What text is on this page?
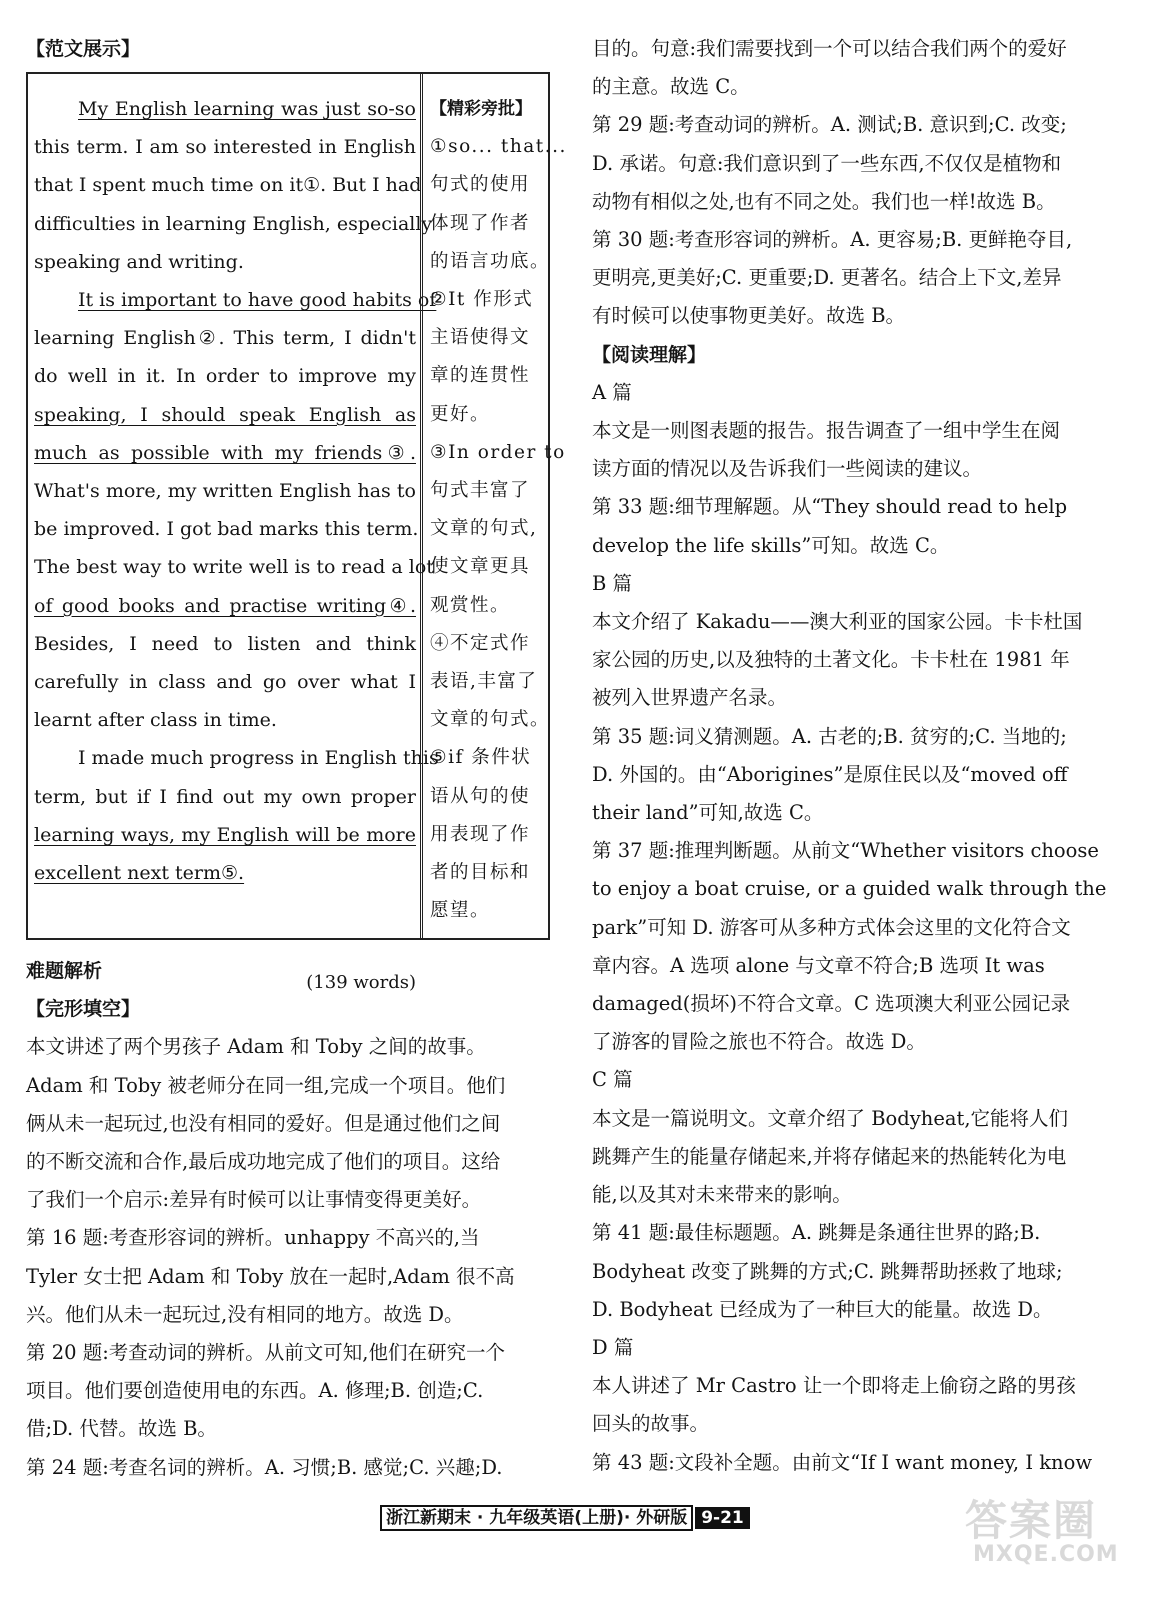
【范文展示】
My English learning was just so-so
this term. I am so interested in English
that I spent much time on it①. But I had
difficulties in learning English, especially
speaking and writing.
It is important to have good habits of
learning English②. This term, I didn't
do well in it. In order to improve my
speaking, I should speak English as
much as possible with my friends③.
What's more, my written English has to
be improved. I got bad marks this term.
The best way to write well is to read a lot
of good books and practise writing④.
Besides, I need to listen and think
carefully in class and go over what I
learnt after class in time.
I made much progress in English this
term, but if I find out my own proper
learning ways, my English will be more
excellent next term⑤.
(139 words)
【精彩旁批】
①so... that...
句式的使用
体现了作者
的语言功底。
②It 作形式
主语使得文
章的连贯性
更好。
③In order to
句式丰富了
文章的句式,
使文章更具
观赏性。
④不定式作
表语,丰富了
文章的句式。
⑤if 条件状
语从句的使
用表现了作
者的目标和
愿望。
难题解析
【完形填空】
本文讲述了两个男孩子 Adam 和 Toby 之间的故事。
Adam 和 Toby 被老师分在同一组,完成一个项目。他们
俩从未一起玩过,也没有相同的爱好。但是通过他们之间
的不断交流和合作,最后成功地完成了他们的项目。这给
了我们一个启示:差异有时候可以让事情变得更美好。
第 16 题:考查形容词的辨析。unhappy 不高兴的,当
Tyler 女士把 Adam 和 Toby 放在一起时,Adam 很不高
兴。他们从未一起玩过,没有相同的地方。故选 D。
第 20 题:考查动词的辨析。从前文可知,他们在研究一个
项目。他们要创造使用电的东西。A. 修理;B. 创造;C.
借;D. 代替。故选 B。
第 24 题:考查名词的辨析。A. 习惯;B. 感觉;C. 兴趣;D.
目的。句意:我们需要找到一个可以结合我们两个的爱好
的主意。故选 C。
第 29 题:考查动词的辨析。A. 测试;B. 意识到;C. 改变;
D. 承诺。句意:我们意识到了一些东西,不仅仅是植物和
动物有相似之处,也有不同之处。我们也一样!故选 B。
第 30 题:考查形容词的辨析。A. 更容易;B. 更鲜艳夺目,
更明亮,更美好;C. 更重要;D. 更著名。结合上下文,差异
有时候可以使事物更美好。故选 B。
【阅读理解】
A 篇
本文是一则图表题的报告。报告调查了一组中学生在阅
读方面的情况以及告诉我们一些阅读的建议。
第 33 题:细节理解题。从“They should read to help
develop the life skills”可知。故选 C。
B 篇
本文介绍了 Kakadu——澳大利亚的国家公园。卡卡杜国
家公园的历史,以及独特的土著文化。卡卡杜在 1981 年
被列入世界遗产名录。
第 35 题:词义猜测题。A. 古老的;B. 贫穷的;C. 当地的;
D. 外国的。由“Aborigines”是原住民以及“moved off
their land”可知,故选 C。
第 37 题:推理判断题。从前文“Whether visitors choose
to enjoy a boat cruise, or a guided walk through the
park”可知 D. 游客可从多种方式体会这里的文化符合文
章内容。A 选项 alone 与文章不符合;B 选项 It was
damaged(损坏)不符合文章。C 选项澳大利亚公园记录
了游客的冒险之旅也不符合。故选 D。
C 篇
本文是一篇说明文。文章介绍了 Bodyheat,它能将人们
跳舞产生的能量存储起来,并将存储起来的热能转化为电
能,以及其对未来带来的影响。
第 41 题:最佳标题题。A. 跳舞是条通往世界的路;B.
Bodyheat 改变了跳舞的方式;C. 跳舞帮助拯救了地球;
D. Bodyheat 已经成为了一种巨大的能量。故选 D。
D 篇
本人讲述了 Mr Castro 让一个即将走上偷窃之路的男孩
回头的故事。
第 43 题:文段补全题。由前文“If I want money, I know
浙江新期末 · 九年级英语(上册)· 外研版 9-21	答案圈
MXQE.COM
